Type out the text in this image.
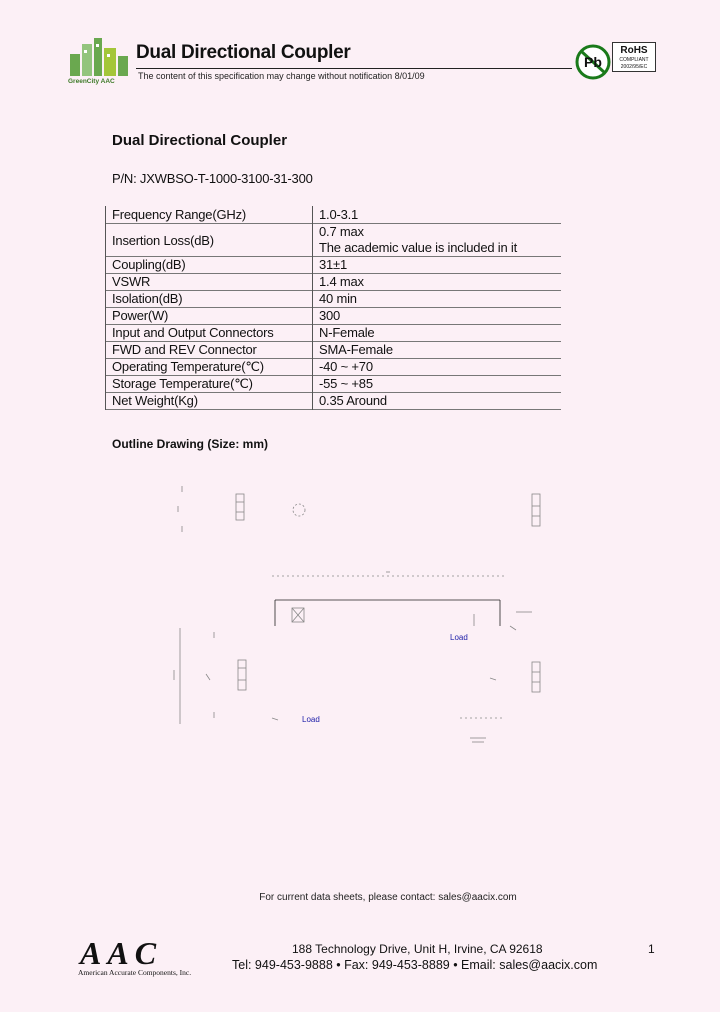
GreenCity AAC
Dual Directional Coupler
The content of this specification may change without notification 8/01/09
Pb
RoHS
COMPLIANT
2002/95/EC
Dual Directional Coupler
P/N: JXWBSO-T-1000-3100-31-300
Frequency Range(GHz)	1.0-3.1
Insertion Loss(dB)	0.7 max
The academic value is included in it

Coupling(dB)	31±1
VSWR	1.4 max
Isolation(dB)	40 min
Power(W)	300
Input and Output Connectors	N-Female
FWD and REV Connector	SMA-Female
Operating Temperature(℃)	-40 ~ +70
Storage Temperature(℃)	-55 ~ +85
Net Weight(Kg)	0.35 Around
Outline Drawing (Size: mm)
Load
Load
For current data sheets, please contact: sales@aacix.com
AAC
American Accurate Components, Inc.
188 Technology Drive, Unit H, Irvine, CA 92618
Tel: 949-453-9888 • Fax: 949-453-8889 • Email: sales@aacix.com
1
